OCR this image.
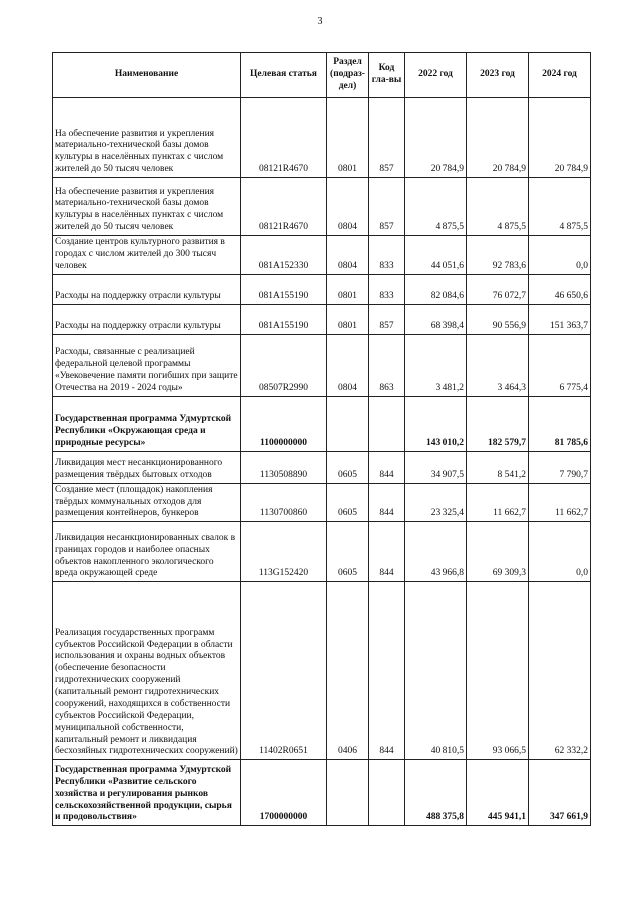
3
Наименование	Целевая статья	Раздел (подраз-дел)	Код гла-вы	2022 год	2023 год	2024 год
На обеспечение развития и укрепления материально-технической базы домов культуры в населённых пунктах с числом жителей до 50 тысяч человек	08121R4670	0801	857	20 784,9	20 784,9	20 784,9
На обеспечение развития и укрепления материально-технической базы домов культуры в населённых пунктах с числом жителей до 50 тысяч человек	08121R4670	0804	857	4 875,5	4 875,5	4 875,5
Создание центров культурного развития в городах с числом жителей до 300 тысяч человек	081A152330	0804	833	44 051,6	92 783,6	0,0
Расходы на поддержку отрасли культуры	081A155190	0801	833	82 084,6	76 072,7	46 650,6
Расходы на поддержку отрасли культуры	081A155190	0801	857	68 398,4	90 556,9	151 363,7
Расходы, связанные с реализацией федеральной целевой программы «Увековечение памяти погибших при защите Отечества на 2019 - 2024 годы»	08507R2990	0804	863	3 481,2	3 464,3	6 775,4
Государственная программа Удмуртской Республики «Окружающая среда и природные ресурсы»	1100000000			143 010,2	182 579,7	81 785,6
Ликвидация мест несанкционированного размещения твёрдых бытовых отходов	1130508890	0605	844	34 907,5	8 541,2	7 790,7
Создание мест (площадок) накопления твёрдых коммунальных отходов для размещения контейнеров, бункеров	1130700860	0605	844	23 325,4	11 662,7	11 662,7
Ликвидация несанкционированных свалок в границах городов и наиболее опасных объектов накопленного экологического вреда окружающей среде	113G152420	0605	844	43 966,8	69 309,3	0,0
Реализация государственных программ субъектов Российской Федерации в области использования и охраны водных объектов (обеспечение безопасности гидротехнических сооружений (капитальный ремонт гидротехнических сооружений, находящихся в собственности субъектов Российской Федерации, муниципальной собственности, капитальный ремонт и ликвидация бесхозяйных гидротехнических сооружений)	11402R0651	0406	844	40 810,5	93 066,5	62 332,2
Государственная программа Удмуртской Республики «Развитие сельского хозяйства и регулирования рынков сельскохозяйственной продукции, сырья и продовольствия»	1700000000			488 375,8	445 941,1	347 661,9
